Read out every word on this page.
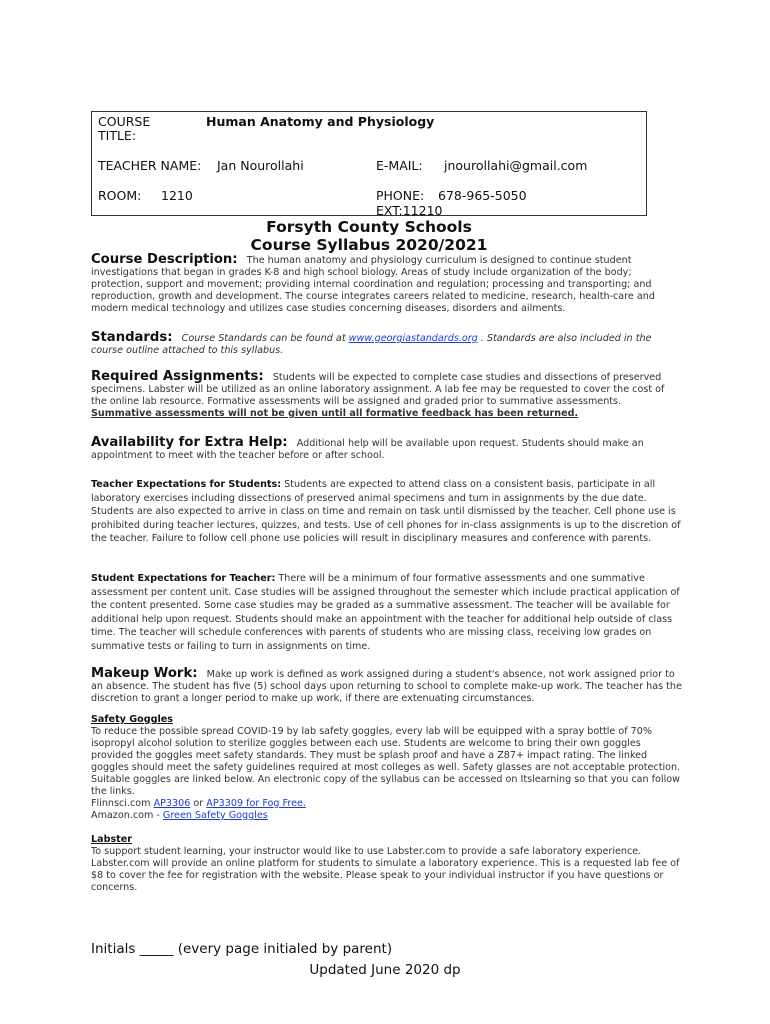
COURSE TITLE:
Human Anatomy and Physiology
TEACHER NAME: Jan Nourollahi	E-MAIL: jnourollahi@gmail.com
ROOM: 1210	PHONE: 678-965-5050
EXT:11210
Forsyth County Schools
Course Syllabus 2020/2021
Course Description: The human anatomy and physiology curriculum is designed to continue student investigations that began in grades K-8 and high school biology. Areas of study include organization of the body; protection, support and movement; providing internal coordination and regulation; processing and transporting; and reproduction, growth and development. The course integrates careers related to medicine, research, health-care and modern medical technology and utilizes case studies concerning diseases, disorders and ailments.
Standards: Course Standards can be found at www.georgiastandards.org . Standards are also included in the course outline attached to this syllabus.
Required Assignments: Students will be expected to complete case studies and dissections of preserved specimens. Labster will be utilized as an online laboratory assignment. A lab fee may be requested to cover the cost of the online lab resource. Formative assessments will be assigned and graded prior to summative assessments. Summative assessments will not be given until all formative feedback has been returned.
Availability for Extra Help: Additional help will be available upon request. Students should make an appointment to meet with the teacher before or after school.
Teacher Expectations for Students: Students are expected to attend class on a consistent basis, participate in all laboratory exercises including dissections of preserved animal specimens and turn in assignments by the due date. Students are also expected to arrive in class on time and remain on task until dismissed by the teacher. Cell phone use is prohibited during teacher lectures, quizzes, and tests. Use of cell phones for in-class assignments is up to the discretion of the teacher. Failure to follow cell phone use policies will result in disciplinary measures and conference with parents.
Student Expectations for Teacher: There will be a minimum of four formative assessments and one summative assessment per content unit. Case studies will be assigned throughout the semester which include practical application of the content presented. Some case studies may be graded as a summative assessment. The teacher will be available for additional help upon request. Students should make an appointment with the teacher for additional help outside of class time. The teacher will schedule conferences with parents of students who are missing class, receiving low grades on summative tests or failing to turn in assignments on time.
Makeup Work: Make up work is defined as work assigned during a student's absence, not work assigned prior to an absence. The student has five (5) school days upon returning to school to complete make-up work. The teacher has the discretion to grant a longer period to make up work, if there are extenuating circumstances.
Safety Goggles
To reduce the possible spread COVID-19 by lab safety goggles, every lab will be equipped with a spray bottle of 70% isopropyl alcohol solution to sterilize goggles between each use. Students are welcome to bring their own goggles provided the goggles meet safety standards. They must be splash proof and have a Z87+ impact rating. The linked goggles should meet the safety guidelines required at most colleges as well. Safety glasses are not acceptable protection. Suitable goggles are linked below. An electronic copy of the syllabus can be accessed on Itslearning so that you can follow the links.
Flinnsci.com AP3306 or AP3309 for Fog Free.
Amazon.com - Green Safety Goggles
Labster
To support student learning, your instructor would like to use Labster.com to provide a safe laboratory experience. Labster.com will provide an online platform for students to simulate a laboratory experience. This is a requested lab fee of $8 to cover the fee for registration with the website. Please speak to your individual instructor if you have questions or concerns.
Initials _____ (every page initialed by parent)
Updated June 2020 dp
